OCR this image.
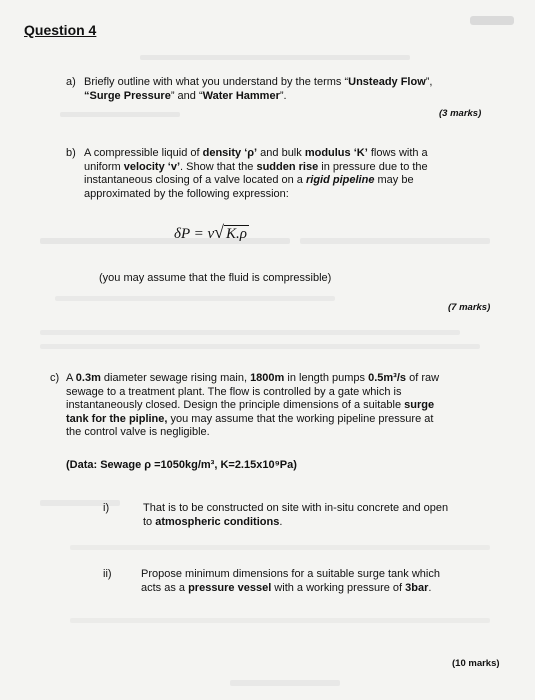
Question 4
a) Briefly outline with what you understand by the terms “Unsteady Flow”,
“Surge Pressure” and “Water Hammer”.
(3 marks)
b) A compressible liquid of density ‘ρ’ and bulk modulus ‘K’ flows with a
uniform velocity ‘v’. Show that the sudden rise in pressure due to the
instantaneous closing of a valve located on a rigid pipeline may be
approximated by the following expression:
δP = v√ K.ρ
(you may assume that the fluid is compressible)
(7 marks)
c) A 0.3m diameter sewage rising main, 1800m in length pumps 0.5m³/s of raw
sewage to a treatment plant. The flow is controlled by a gate which is
instantaneously closed. Design the principle dimensions of a suitable surge
tank for the pipline, you may assume that the working pipeline pressure at
the control valve is negligible.
(Data: Sewage ρ =1050kg/m³, K=2.15x10⁹Pa)
i)	That is to be constructed on site with in-situ concrete and open
to atmospheric conditions.
ii)	Propose minimum dimensions for a suitable surge tank which
acts as a pressure vessel with a working pressure of 3bar.
(10 marks)
